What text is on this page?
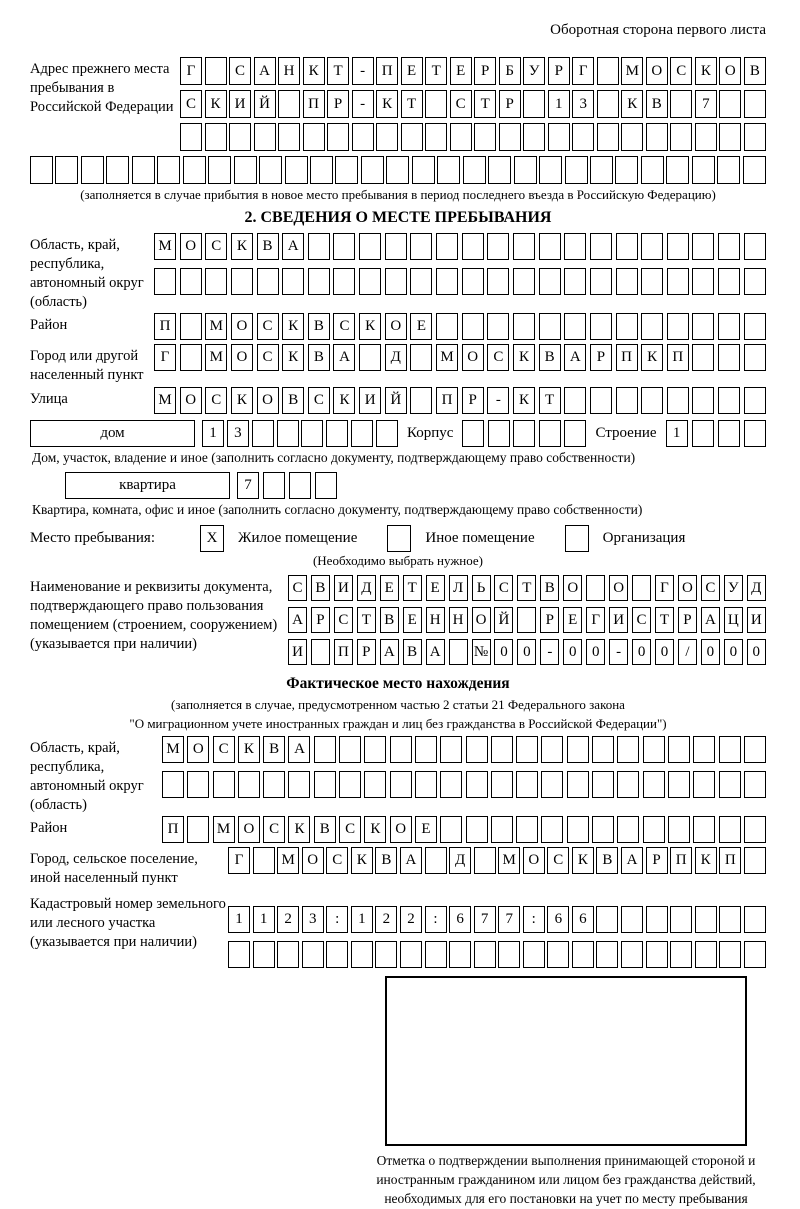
Оборотная сторона первого листа
Адрес прежнего места пребывания в Российской Федерации
Г	С А Н К Т	-	П Е	Т	Е	Р	Б У	Р	Г	М О С К О В
С К И Й	П Р	-	К Т	С Т	Р	1	3	К В	7
(заполняется в случае прибытия в новое место пребывания в период последнего въезда в Российскую Федерацию)
2. СВЕДЕНИЯ О МЕСТЕ ПРЕБЫВАНИЯ
Область, край, республика, автономный округ (область)
М О	С	К	В	А
Район	П	М О	С	К	В	С	К	О	Е
Город или другой населенный пункт
Г	М О	С	К	В	А	Д	М О	С	К	В	А	Р	П	К	П
Улица	М О	С	К	О	В	С	К	И Й	П	Р	-	К	Т
дом	1	3	Корпус	Строение	1
Дом, участок, владение и иное (заполнить согласно документу, подтверждающему право собственности)
квартира	7
Квартира, комната, офис и иное (заполнить согласно документу, подтверждающему право собственности)
Место пребывания:	X	Жилое помещение	Иное помещение	Организация
(Необходимо выбрать нужное)
Наименование и реквизиты документа, подтверждающего право пользования помещением (строением, сооружением) (указывается при наличии)
С В И Д Е Т Е Л Ь С Т В О О	Г О С У Д
А Р С Т В Е Н Н О Й	Р Е Г И С Т Р А Ц И
И П Р А В А № 0	0	-	0	0	-	0	0	/	0	0	0
Фактическое место нахождения
(заполняется в случае, предусмотренном частью 2 статьи 21 Федерального закона
"О миграционном учете иностранных граждан и лиц без гражданства в Российской Федерации")
Область, край, республика, автономный округ (область)
М О С	К	В А
Район	П	М О С	К	В	С	К О	Е
Город, сельское поселение, иной населенный пункт
Г	М О С К В А	Д	М О С К В А Р П К П
Кадастровый номер земельного или лесного участка (указывается при наличии)
1	1	2	3	:	1	2	2	:	6	7	7	:	6	6
Отметка о подтверждении выполнения принимающей стороной и иностранным гражданином или лицом без гражданства действий, необходимых для его постановки на учет по месту пребывания
